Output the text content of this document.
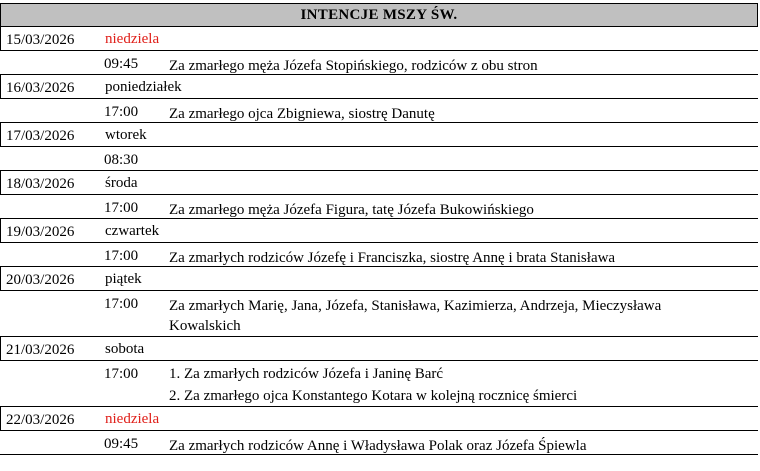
INTENCJE MSZY ŚW.
15/03/2026 niedziela
09:45 Za zmarłego męża Józefa Stopińskiego, rodziców z obu stron
16/03/2026 poniedziałek
17:00 Za zmarłego ojca Zbigniewa, siostrę Danutę
17/03/2026 wtorek
08:30
18/03/2026 środa
17:00 Za zmarłego męża Józefa Figura, tatę Józefa Bukowińskiego
19/03/2026 czwartek
17:00 Za zmarłych rodziców Józefę i Franciszka, siostrę Annę i brata Stanisława
20/03/2026 piątek
17:00 Za zmarłych Marię, Jana, Józefa, Stanisława, Kazimierza, Andrzeja, Mieczysława Kowalskich
21/03/2026 sobota
17:00 1. Za zmarłych rodziców Józefa i Janinę Barć
2. Za zmarłego ojca Konstantego Kotara w kolejną rocznicę śmierci
22/03/2026 niedziela
09:45 Za zmarłych rodziców Annę i Władysława Polak oraz Józefa Śpiewla
